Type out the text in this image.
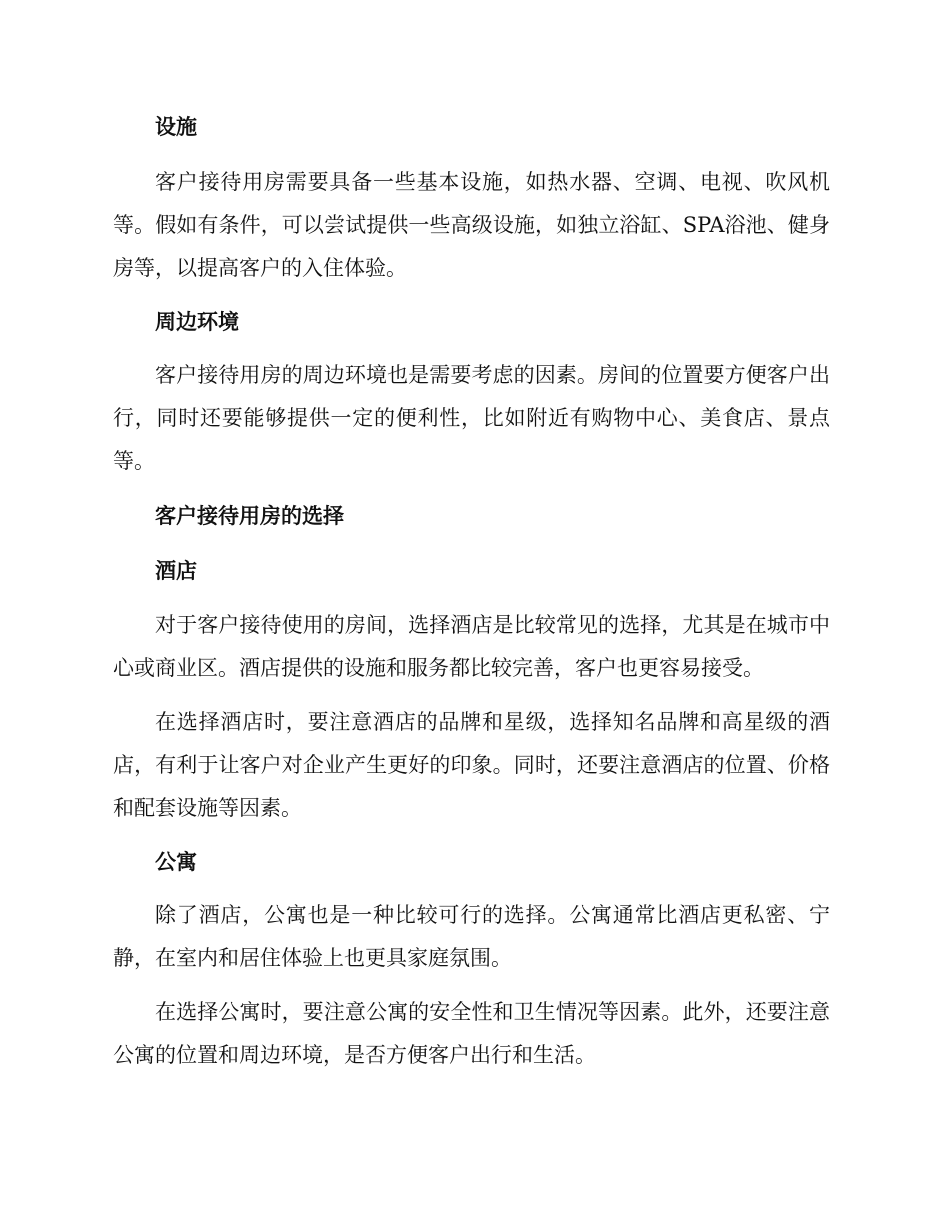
设施

客户接待用房需要具备一些基本设施，如热水器、空调、电视、吹风机等。假如有条件，可以尝试提供一些高级设施，如独立浴缸、SPA浴池、健身房等，以提高客户的入住体验。

周边环境

客户接待用房的周边环境也是需要考虑的因素。房间的位置要方便客户出行，同时还要能够提供一定的便利性，比如附近有购物中心、美食店、景点等。

客户接待用房的选择
酒店

对于客户接待使用的房间，选择酒店是比较常见的选择，尤其是在城市中心或商业区。酒店提供的设施和服务都比较完善，客户也更容易接受。

在选择酒店时，要注意酒店的品牌和星级，选择知名品牌和高星级的酒店，有利于让客户对企业产生更好的印象。同时，还要注意酒店的位置、价格和配套设施等因素。

公寓

除了酒店，公寓也是一种比较可行的选择。公寓通常比酒店更私密、宁静，在室内和居住体验上也更具家庭氛围。

在选择公寓时，要注意公寓的安全性和卫生情况等因素。此外，还要注意公寓的位置和周边环境，是否方便客户出行和生活。
